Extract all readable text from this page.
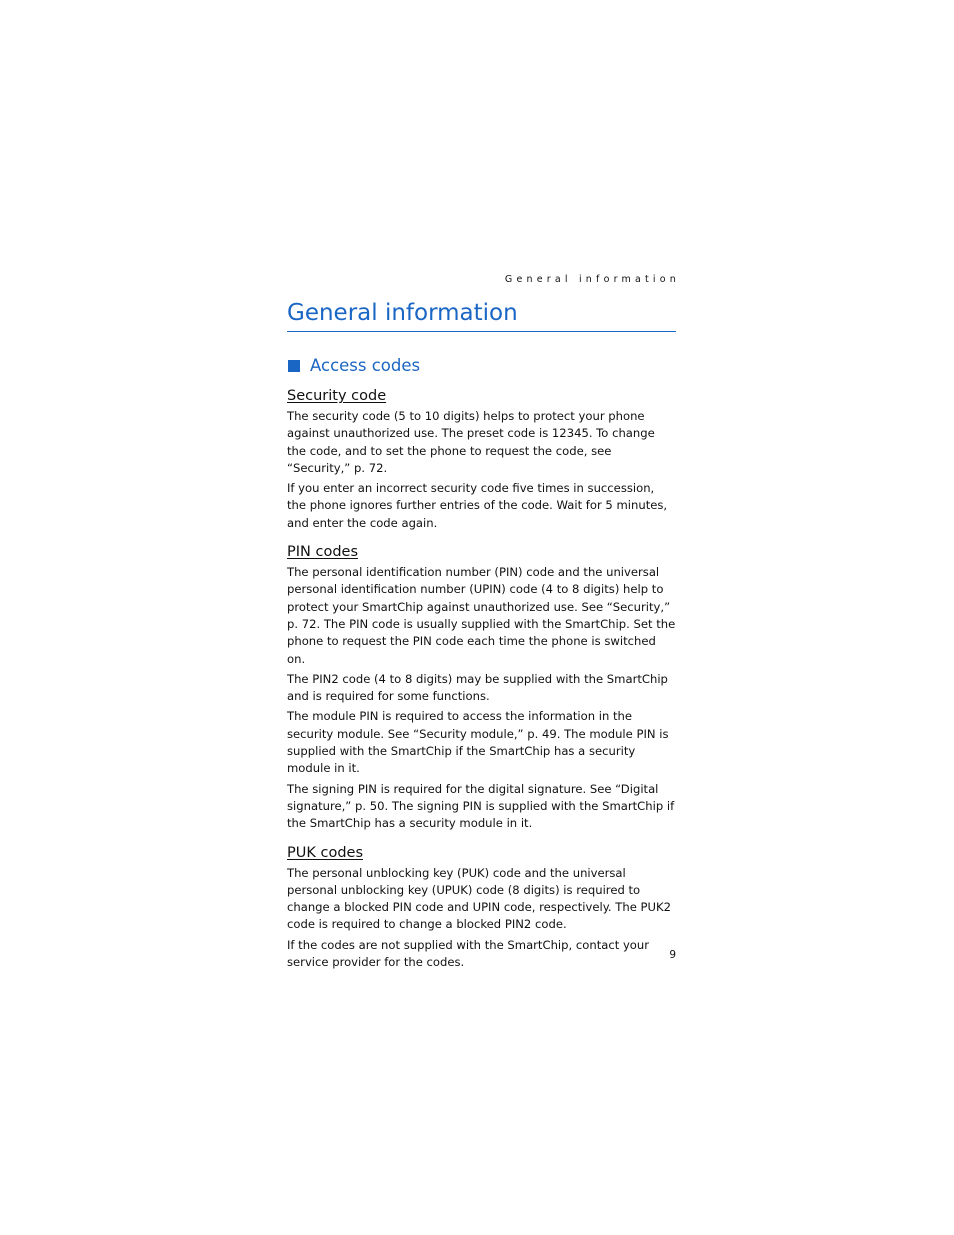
General information
General information
Access codes
Security code

The security code (5 to 10 digits) helps to protect your phone against unauthorized use. The preset code is 12345. To change the code, and to set the phone to request the code, see “Security,” p. 72.

If you enter an incorrect security code five times in succession, the phone ignores further entries of the code. Wait for 5 minutes, and enter the code again.

PIN codes

The personal identification number (PIN) code and the universal personal identification number (UPIN) code (4 to 8 digits) help to protect your SmartChip against unauthorized use. See “Security,” p. 72. The PIN code is usually supplied with the SmartChip. Set the phone to request the PIN code each time the phone is switched on.

The PIN2 code (4 to 8 digits) may be supplied with the SmartChip and is required for some functions.

The module PIN is required to access the information in the security module. See “Security module,” p. 49. The module PIN is supplied with the SmartChip if the SmartChip has a security module in it.

The signing PIN is required for the digital signature. See “Digital signature,” p. 50. The signing PIN is supplied with the SmartChip if the SmartChip has a security module in it.

PUK codes

The personal unblocking key (PUK) code and the universal personal unblocking key (UPUK) code (8 digits) is required to change a blocked PIN code and UPIN code, respectively. The PUK2 code is required to change a blocked PIN2 code.

If the codes are not supplied with the SmartChip, contact your service provider for the codes.

9
